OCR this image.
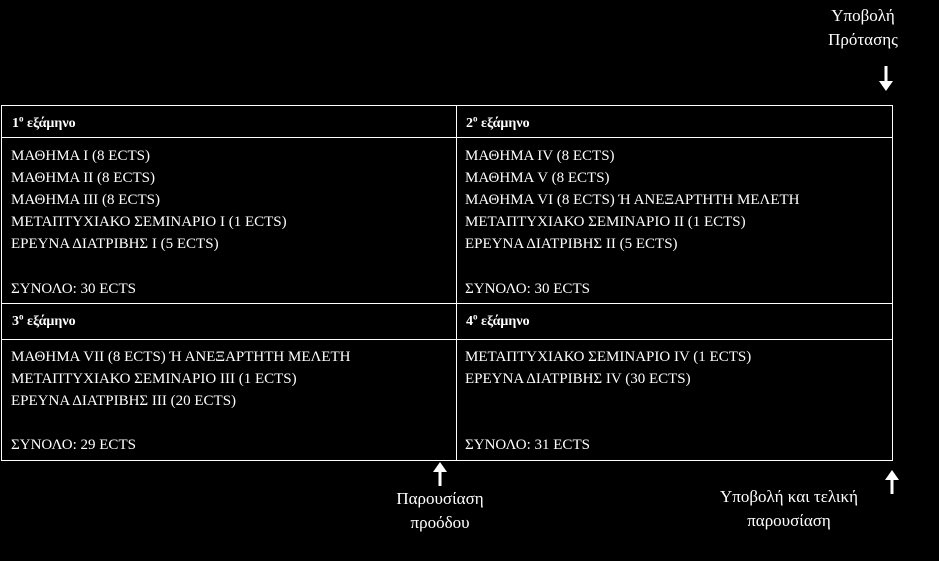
Υποβολή
Πρότασης
$1^o$ εξάμηνο
ΜΑΘΗΜΑ Ι (8 ECTS)
ΜΑΘΗΜΑ ΙΙ (8 ECTS)
ΜΑΘΗΜΑ ΙΙΙ (8 ECTS)
ΜΕΤΑΠΤΥΧΙΑΚΟ ΣΕΜΙΝΑΡΙΟ Ι (1 ECTS)
ΕΡΕΥΝΑ ΔΙΑΤΡΙΒΗΣ Ι (5 ECTS)
ΣΥΝΟΛΟ: 30 ECTS
$2^o$ εξάμηνο
ΜΑΘΗΜΑ IV (8 ECTS)
ΜΑΘΗΜΑ V (8 ECTS)
ΜΑΘΗΜΑ VI (8 ECTS) Ή ΑΝΕΞΑΡΤΗΤΗ ΜΕΛΕΤΗ
ΜΕΤΑΠΤΥΧΙΑΚΟ ΣΕΜΙΝΑΡΙΟ ΙΙ (1 ECTS)
ΕΡΕΥΝΑ ΔΙΑΤΡΙΒΗΣ ΙΙ (5 ECTS)
ΣΥΝΟΛΟ: 30 ECTS
$3^o$ εξάμηνο
ΜΑΘΗΜΑ VII (8 ECTS) Ή ΑΝΕΞΑΡΤΗΤΗ ΜΕΛΕΤΗ
ΜΕΤΑΠΤΥΧΙΑΚΟ ΣΕΜΙΝΑΡΙΟ ΙΙΙ (1 ECTS)
ΕΡΕΥΝΑ ΔΙΑΤΡΙΒΗΣ ΙΙΙ (20 ECTS)
ΣΥΝΟΛΟ: 29 ECTS
$4^o$ εξάμηνο
ΜΕΤΑΠΤΥΧΙΑΚΟ ΣΕΜΙΝΑΡΙΟ IV (1 ECTS)
ΕΡΕΥΝΑ ΔΙΑΤΡΙΒΗΣ IV (30 ECTS)
ΣΥΝΟΛΟ: 31 ECTS
Παρουσίαση
προόδου
Υποβολή και τελική
παρουσίαση
